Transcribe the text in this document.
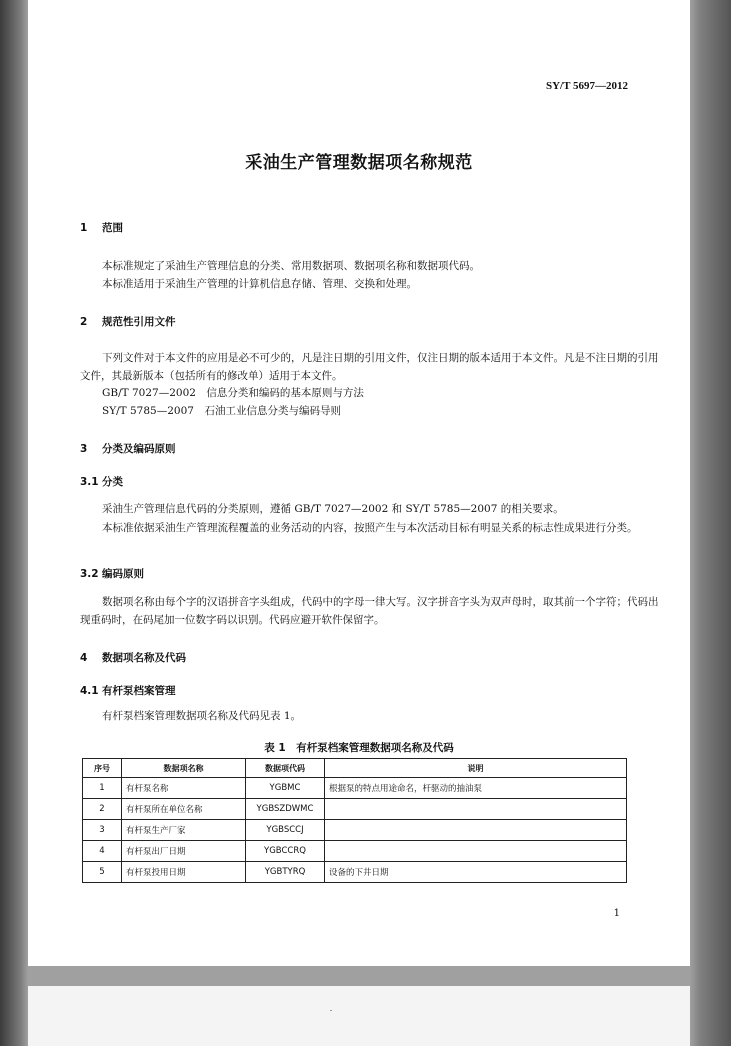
SY/T 5697—2012
采油生产管理数据项名称规范
1 范围
本标准规定了采油生产管理信息的分类、常用数据项、数据项名称和数据项代码。
本标准适用于采油生产管理的计算机信息存储、管理、交换和处理。
2 规范性引用文件
下列文件对于本文件的应用是必不可少的，凡是注日期的引用文件，仅注日期的版本适用于本文件。凡是不注日期的引用文件，其最新版本（包括所有的修改单）适用于本文件。
GB/T 7027—2002　信息分类和编码的基本原则与方法
SY/T 5785—2007　石油工业信息分类与编码导则
3 分类及编码原则
3.1 分类
采油生产管理信息代码的分类原则，遵循 GB/T 7027—2002 和 SY/T 5785—2007 的相关要求。
本标准依据采油生产管理流程覆盖的业务活动的内容，按照产生与本次活动目标有明显关系的标志性成果进行分类。
3.2 编码原则
数据项名称由每个字的汉语拼音字头组成，代码中的字母一律大写。汉字拼音字头为双声母时，取其前一个字符；代码出现重码时，在码尾加一位数字码以识别。代码应避开软件保留字。
4 数据项名称及代码
4.1 有杆泵档案管理
有杆泵档案管理数据项名称及代码见表 1。
表 1　有杆泵档案管理数据项名称及代码
序号	数据项名称	数据项代码	说明
1	有杆泵名称	YGBMC	根据泵的特点用途命名，杆驱动的抽油泵
2	有杆泵所在单位名称	YGBSZDWMC	
3	有杆泵生产厂家	YGBSCCJ	
4	有杆泵出厂日期	YGBCCRQ	
5	有杆泵投用日期	YGBTYRQ	设备的下井日期
1
